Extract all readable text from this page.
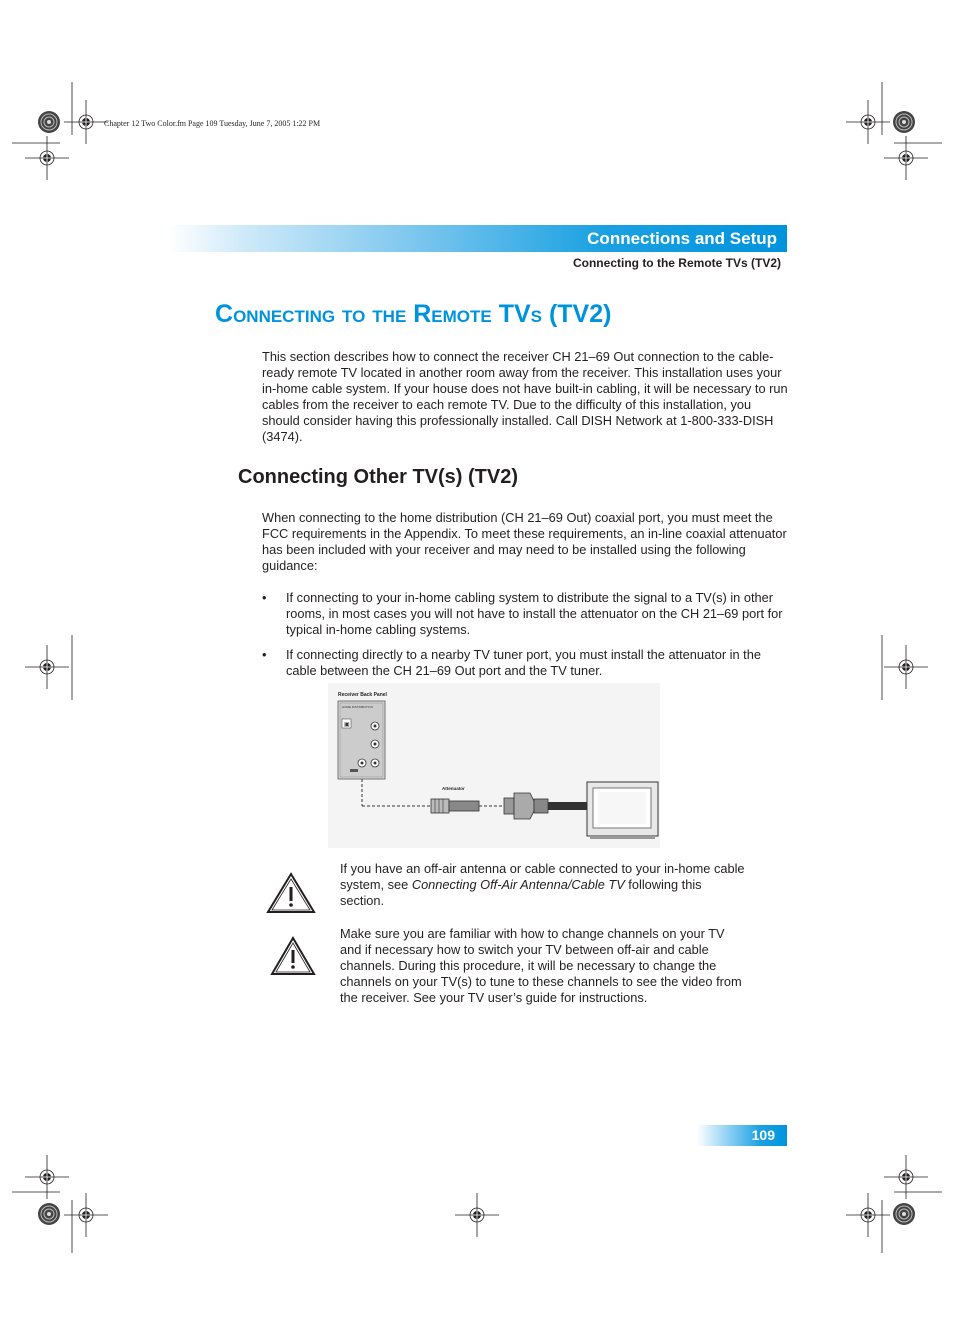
Chapter 12 Two Color.fm Page 109 Tuesday, June 7, 2005 1:22 PM
Connections and Setup
Connecting to the Remote TVs (TV2)
CONNECTING TO THE REMOTE TVS (TV2)
This section describes how to connect the receiver CH 21–69 Out connection to the cable-ready remote TV located in another room away from the receiver. This installation uses your in-home cable system. If your house does not have built-in cabling, it will be necessary to run cables from the receiver to each remote TV. Due to the difficulty of this installation, you should consider having this professionally installed. Call DISH Network at 1-800-333-DISH (3474).
Connecting Other TV(s) (TV2)
When connecting to the home distribution (CH 21–69 Out) coaxial port, you must meet the FCC requirements in the Appendix. To meet these requirements, an in-line coaxial attenuator has been included with your receiver and may need to be installed using the following guidance:
• If connecting to your in-home cabling system to distribute the signal to a TV(s) in other rooms, in most cases you will not have to install the attenuator on the CH 21–69 port for typical in-home cabling systems.
• If connecting directly to a nearby TV tuner port, you must install the attenuator in the cable between the CH 21–69 Out port and the TV tuner.
Receiver Back Panel
HOME DISTRIBUTION
▣
Attenuator
If you have an off-air antenna or cable connected to your in-home cable system, see Connecting Off-Air Antenna/Cable TV following this section.
Make sure you are familiar with how to change channels on your TV and if necessary how to switch your TV between off-air and cable channels. During this procedure, it will be necessary to change the channels on your TV(s) to tune to these channels to see the video from the receiver. See your TV user’s guide for instructions.
109
